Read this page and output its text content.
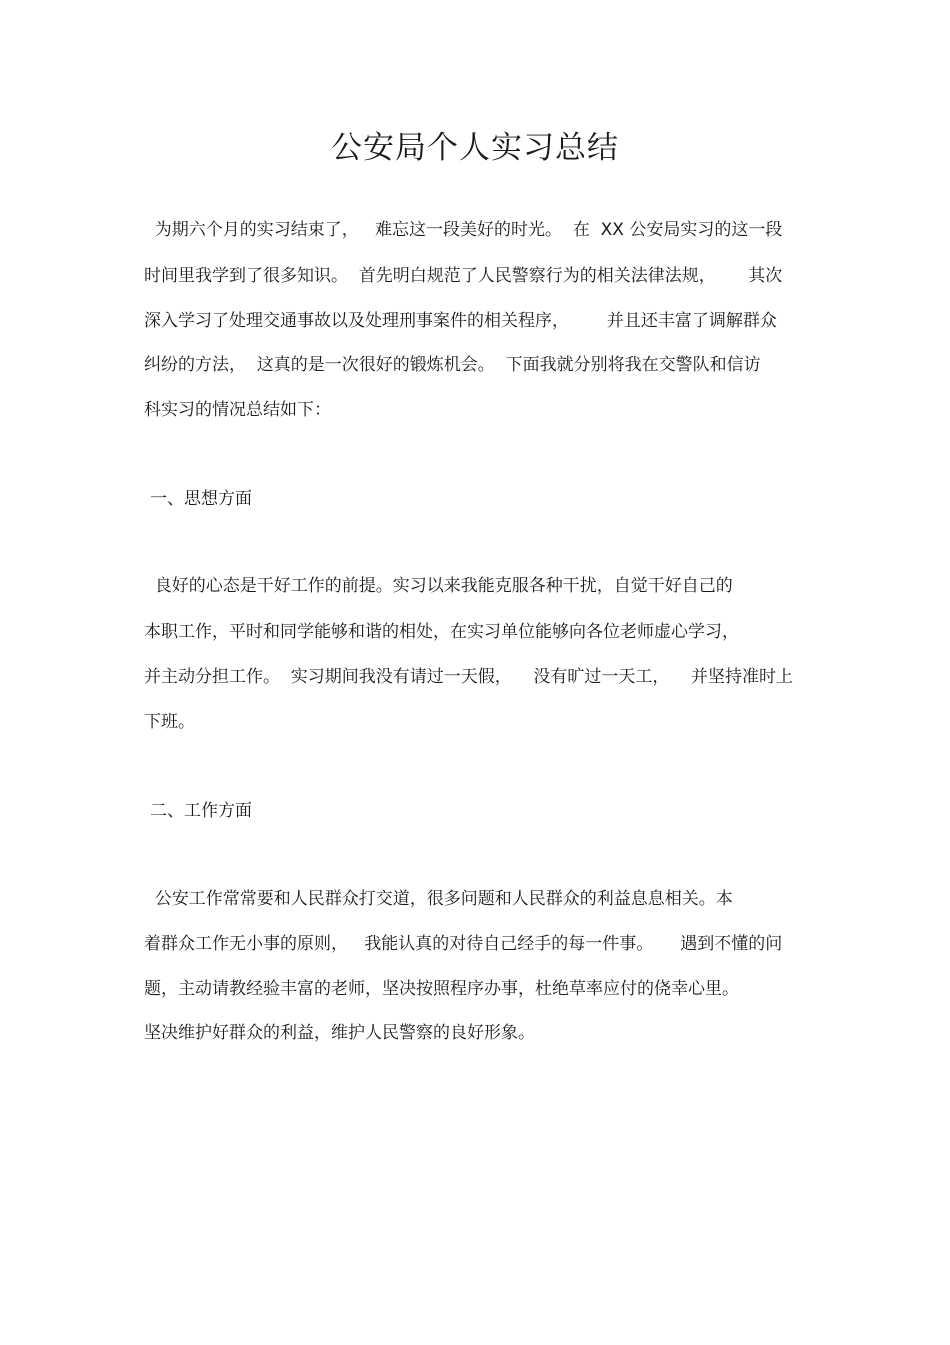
公安局个人实习总结
为期六个月的实习结束了，   难忘这一段美好的时光。  在  XX 公安局实习的这一段
时间里我学到了很多知识。  首先明白规范了人民警察行为的相关法律法规，      其次
深入学习了处理交通事故以及处理刑事案件的相关程序，       并且还丰富了调解群众
纠纷的方法，  这真的是一次很好的锻炼机会。  下面我就分别将我在交警队和信访
科实习的情况总结如下：
一、思想方面
良好的心态是干好工作的前提。实习以来我能克服各种干扰，自觉干好自己的
本职工作，平时和同学能够和谐的相处，在实习单位能够向各位老师虚心学习，
并主动分担工作。  实习期间我没有请过一天假，    没有旷过一天工，    并坚持准时上
下班。
二、工作方面
公安工作常常要和人民群众打交道，很多问题和人民群众的利益息息相关。本
着群众工作无小事的原则，   我能认真的对待自己经手的每一件事。     遇到不懂的问
题，主动请教经验丰富的老师，坚决按照程序办事，杜绝草率应付的侥幸心里。
坚决维护好群众的利益，维护人民警察的良好形象。
